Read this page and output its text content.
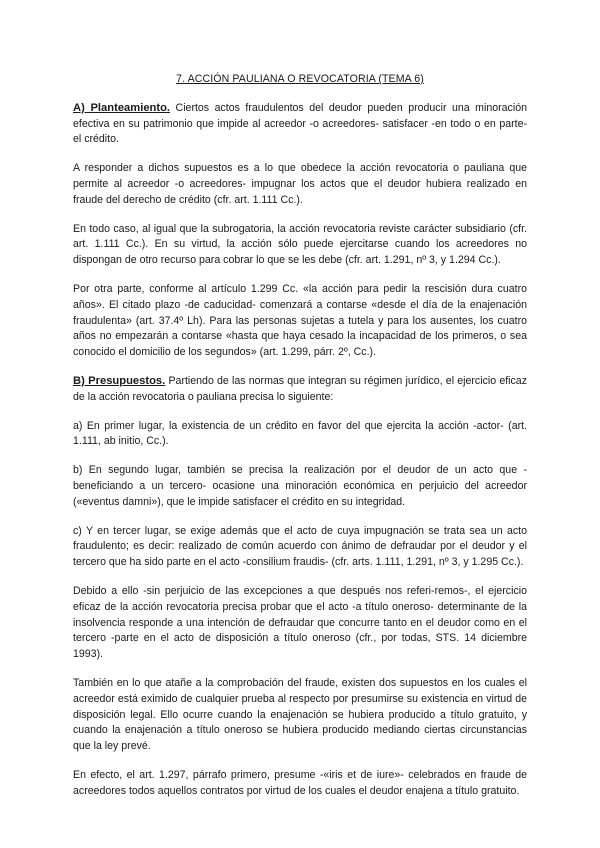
7. ACCIÓN PAULIANA O REVOCATORIA (TEMA 6)

A) Planteamiento. Ciertos actos fraudulentos del deudor pueden producir una minoración efectiva en su patrimonio que impide al acreedor -o acreedores- satisfacer -en todo o en parte- el crédito.

A responder a dichos supuestos es a lo que obedece la acción revocatoria o pauliana que permite al acreedor -o acreedores- impugnar los actos que el deudor hubiera realizado en fraude del derecho de crédito (cfr. art. 1.111 Cc.).

En todo caso, al igual que la subrogatoria, la acción revocatoria reviste carácter subsidiario (cfr. art. 1.111 Cc.). En su virtud, la acción sólo puede ejercitarse cuando los acreedores no dispongan de otro recurso para cobrar lo que se les debe (cfr. art. 1.291, nº 3, y 1.294 Cc.).

Por otra parte, conforme al artículo 1.299 Cc. «la acción para pedir la rescisión dura cuatro años». El citado plazo -de caducidad- comenzará a contarse «desde el día de la enajenación fraudulenta» (art. 37.4º Lh). Para las personas sujetas a tutela y para los ausentes, los cuatro años no empezarán a contarse «hasta que haya cesado la incapacidad de los primeros, o sea conocido el domicilio de los segundos» (art. 1.299, párr. 2º, Cc.).

B) Presupuestos. Partiendo de las normas que integran su régimen jurídico, el ejercicio eficaz de la acción revocatoria o pauliana precisa lo siguiente:

a) En primer lugar, la existencia de un crédito en favor del que ejercita la acción -actor- (art. 1.111, ab initio, Cc.).

b) En segundo lugar, también se precisa la realización por el deudor de un acto que -beneficiando a un tercero- ocasione una minoración económica en perjuicio del acreedor («eventus damni»), que le impide satisfacer el crédito en su integridad.

c) Y en tercer lugar, se exige además que el acto de cuya impugnación se trata sea un acto fraudulento; es decir: realizado de común acuerdo con ánimo de defraudar por el deudor y el tercero que ha sido parte en el acto -consilium fraudis- (cfr. arts. 1.111, 1.291, nº 3, y 1.295 Cc.).

Debido a ello -sin perjuicio de las excepciones a que después nos referi-remos-, el ejercicio eficaz de la acción revocatoria precisa probar que el acto -a título oneroso- determinante de la insolvencia responde a una intención de defraudar que concurre tanto en el deudor como en el tercero -parte en el acto de disposición a título oneroso (cfr., por todas, STS. 14 diciembre 1993).

También en lo que atañe a la comprobación del fraude, existen dos supuestos en los cuales el acreedor está eximido de cualquier prueba al respecto por presumirse su existencia en virtud de disposición legal. Ello ocurre cuando la enajenación se hubiera producido a título gratuito, y cuando la enajenación a título oneroso se hubiera producido mediando ciertas circunstancias que la ley prevé.

En efecto, el art. 1.297, párrafo primero, presume -«iris et de iure»- celebrados en fraude de acreedores todos aquellos contratos por virtud de los cuales el deudor enajena a título gratuito.
